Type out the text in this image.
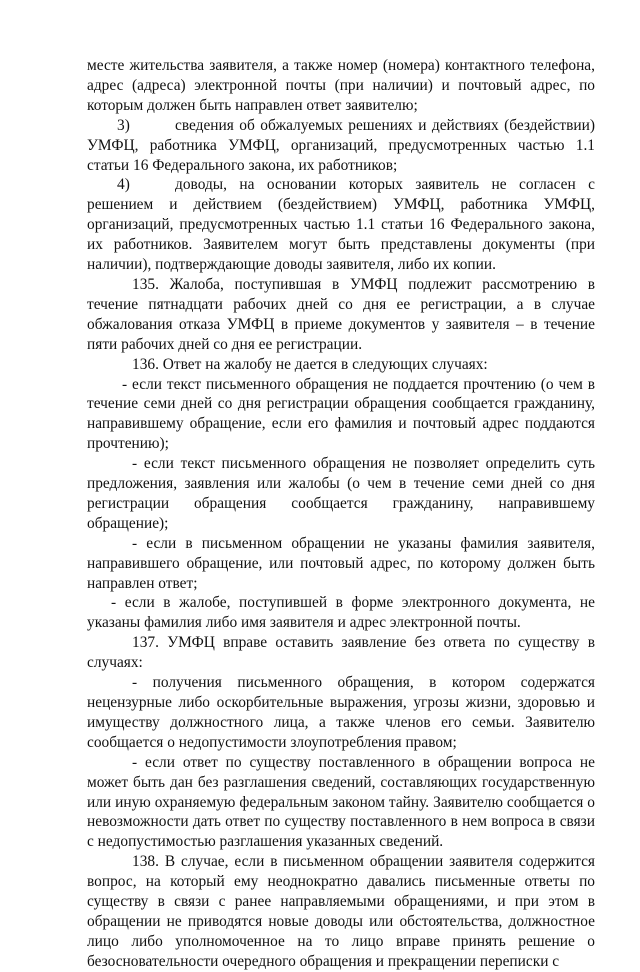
месте жительства заявителя, а также номер (номера) контактного телефона, адрес (адреса) электронной почты (при наличии) и почтовый адрес, по которым должен быть направлен ответ заявителю;

3)	сведения об обжалуемых решениях и действиях (бездействии) УМФЦ, работника УМФЦ, организаций, предусмотренных частью 1.1 статьи 16 Федерального закона, их работников;

4)	доводы, на основании которых заявитель не согласен с решением и действием (бездействием) УМФЦ, работника УМФЦ, организаций, предусмотренных частью 1.1 статьи 16 Федерального закона, их работников. Заявителем могут быть представлены документы (при наличии), подтверждающие доводы заявителя, либо их копии.

135. Жалоба, поступившая в УМФЦ подлежит рассмотрению в течение пятнадцати рабочих дней со дня ее регистрации, а в случае обжалования отказа УМФЦ в приеме документов у заявителя – в течение пяти рабочих дней со дня ее регистрации.

136. Ответ на жалобу не дается в следующих случаях:

- если текст письменного обращения не поддается прочтению (о чем в течение семи дней со дня регистрации обращения сообщается гражданину, направившему обращение, если его фамилия и почтовый адрес поддаются прочтению);

- если текст письменного обращения не позволяет определить суть предложения, заявления или жалобы (о чем в течение семи дней со дня регистрации обращения сообщается гражданину, направившему обращение);

- если в письменном обращении не указаны фамилия заявителя, направившего обращение, или почтовый адрес, по которому должен быть направлен ответ;

- если в жалобе, поступившей в форме электронного документа, не указаны фамилия либо имя заявителя и адрес электронной почты.

137. УМФЦ вправе оставить заявление без ответа по существу в случаях:

- получения письменного обращения, в котором содержатся нецензурные либо оскорбительные выражения, угрозы жизни, здоровью и имуществу должностного лица, а также членов его семьи. Заявителю сообщается о недопустимости злоупотребления правом;

- если ответ по существу поставленного в обращении вопроса не может быть дан без разглашения сведений, составляющих государственную или иную охраняемую федеральным законом тайну. Заявителю сообщается о невозможности дать ответ по существу поставленного в нем вопроса в связи с недопустимостью разглашения указанных сведений.

138. В случае, если в письменном обращении заявителя содержится вопрос, на который ему неоднократно давались письменные ответы по существу в связи с ранее направляемыми обращениями, и при этом в обращении не приводятся новые доводы или обстоятельства, должностное лицо либо уполномоченное на то лицо вправе принять решение о безосновательности очередного обращения и прекращении переписки с
